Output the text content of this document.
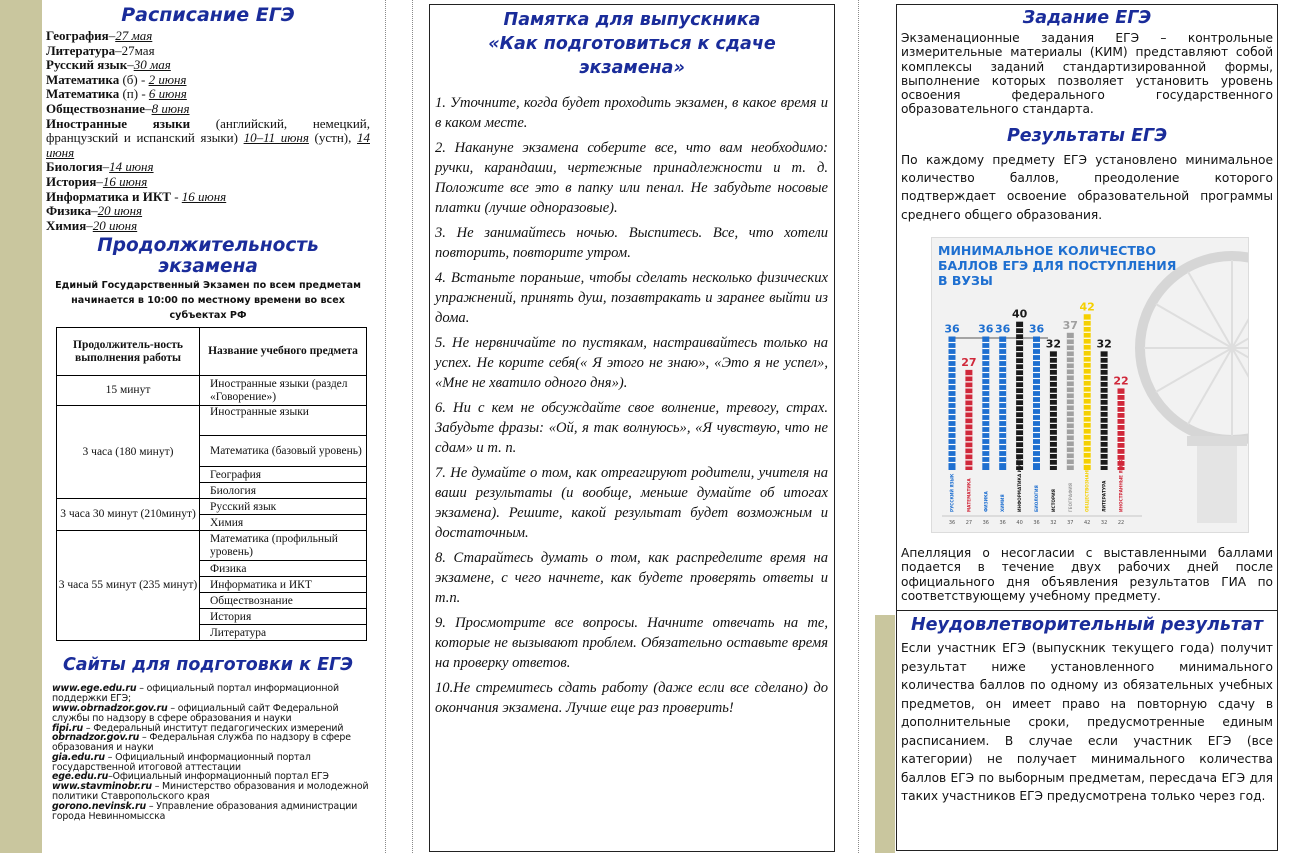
Расписание ЕГЭ
География–27 мая
Литература–27мая
Русский язык–30 мая
Математика (б) - 2 июня
Математика (п) - 6 июня
Обществознание–8 июня
Иностранные языки (английский, немецкий, французский и испанский языки) 10–11 июня (устн), 14 июня
Биология–14 июня
История–16 июня
Информатика и ИКТ - 16 июня
Физика–20 июня
Химия–20 июня
Продолжительность экзамена
Единый Государственный Экзамен по всем предметам начинается в 10:00 по местному времени во всех субъектах РФ
Продолжитель-ность выполнения работы	Название учебного предмета
15 минут	Иностранные языки (раздел «Говорение»)
3 часа (180 минут)	Иностранные языки
	Математика (базовый уровень)
	География
	Биология
3 часа 30 минут (210минут)	Русский язык
	Химия
3 часа 55 минут (235 минут)	Математика (профильный уровень)
	Физика
	Информатика и ИКТ
	Обществознание
	История
	Литература
Сайты для подготовки к ЕГЭ
www.ege.edu.ru – официальный портал информационной поддержки ЕГЭ;
www.obrnadzor.gov.ru – официальный сайт Федеральной службы по надзору в сфере образования и науки
fipi.ru – Федеральный институт педагогических измерений
obrnadzor.gov.ru – Федеральная служба по надзору в сфере образования и науки
gia.edu.ru – Официальный информационный портал государственной итоговой аттестации
ege.edu.ru–Официальный информационный портал ЕГЭ
www.stavminobr.ru – Министерство образования и молодежной политики Ставропольского края
gorono.nevinsk.ru – Управление образования администрации города Невинномысска
Памятка для выпускника
«Как подготовиться к сдаче экзамена»
1. Уточните, когда будет проходить экзамен, в какое время и в каком месте.
2. Накануне экзамена соберите все, что вам необходимо: ручки, карандаши, чертежные принадлежности и т. д. Положите все это в папку или пенал. Не забудьте носовые платки (лучше одноразовые).
3. Не занимайтесь ночью. Выспитесь. Все, что хотели повторить, повторите утром.
4. Встаньте пораньше, чтобы сделать несколько физических упражнений, принять душ, позавтракать и заранее выйти из дома.
5. Не нервничайте по пустякам, настраивайтесь только на успех. Не корите себя(« Я этого не знаю», «Это я не успел», «Мне не хватило одного дня»).
6. Ни с кем не обсуждайте свое волнение, тревогу, страх. Забудьте фразы: «Ой, я так волнуюсь», «Я чувствую, что не сдам» и т. п.
7. Не думайте о том, как отреагируют родители, учителя на ваши результаты (и вообще, меньше думайте об итогах экзамена). Решите, какой результат будет возможным и достаточным.
8. Старайтесь думать о том, как распределите время на экзамене, с чего начнете, как будете проверять ответы и т.п.
9. Просмотрите все вопросы. Начните отвечать на те, которые не вызывают проблем. Обязательно оставьте время на проверку ответов.
10.Не стремитесь сдать работу (даже если все сделано) до окончания экзамена. Лучше еще раз проверить!
Задание ЕГЭ
Экзаменационные задания ЕГЭ – контрольные измерительные материалы (КИМ) представляют собой комплексы заданий стандартизированной формы, выполнение которых позволяет установить уровень освоения федерального государственного образовательного стандарта.
Результаты ЕГЭ
По каждому предмету ЕГЭ установлено минимальное количество баллов, преодоление которого подтверждает освоение образовательной программы среднего общего образования.
Апелляция о несогласии с выставленными баллами подается в течение двух рабочих дней после официального дня объявления результатов ГИА по соответствующему учебному предмету.
МИНИМАЛЬНОЕ КОЛИЧЕСТВО
БАЛЛОВ ЕГЭ ДЛЯ ПОСТУПЛЕНИЯ
В ВУЗЫ
36
РУССКИЙ ЯЗЫК
36
27
МАТЕМАТИКА
27
36
ФИЗИКА
36
36
ХИМИЯ
36
40
ИНФОРМАТИКА И ИКТ
40
36
БИОЛОГИЯ
36
32
ИСТОРИЯ
32
37
ГЕОГРАФИЯ
37
42
ОБЩЕСТВОЗНАНИЕ
42
32
ЛИТЕРАТУРА
32
22
ИНОСТРАННЫЕ ЯЗЫКИ
22
Неудовлетворительный результат
Если участник ЕГЭ (выпускник текущего года) получит результат ниже установленного минимального количества баллов по одному из обязательных учебных предметов, он имеет право на повторную сдачу в дополнительные сроки, предусмотренные единым расписанием. В случае если участник ЕГЭ (все категории) не получает минимального количества баллов ЕГЭ по выборным предметам, пересдача ЕГЭ для таких участников ЕГЭ предусмотрена только через год.
